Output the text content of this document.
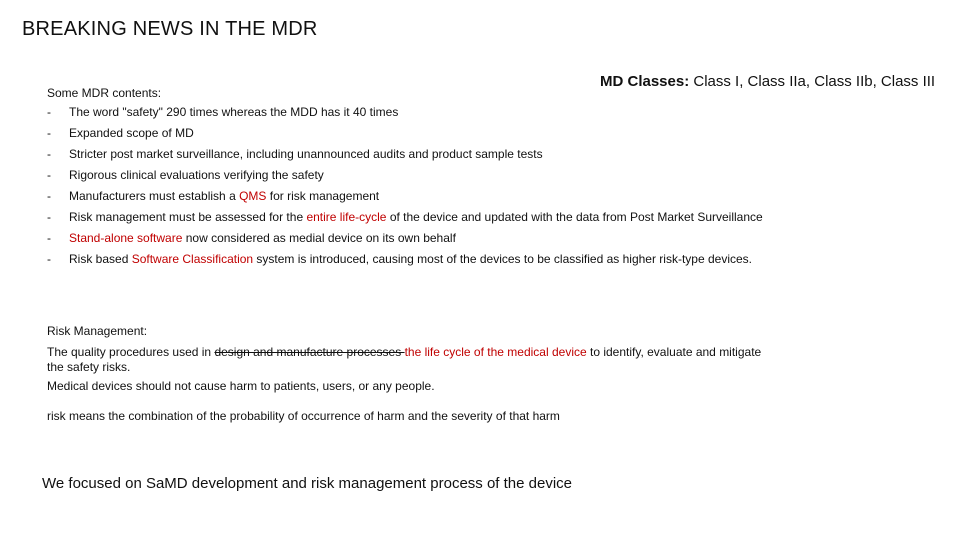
BREAKING NEWS IN THE MDR
MD Classes: Class I, Class IIa, Class IIb, Class III
Some MDR contents:
- The word "safety" 290 times whereas the MDD has it 40 times
- Expanded scope of MD
- Stricter post market surveillance, including unannounced audits and product sample tests
- Rigorous clinical evaluations verifying the safety
- Manufacturers must establish a QMS for risk management
- Risk management must be assessed for the entire life-cycle of the device and updated with the data from Post Market Surveillance
- Stand-alone software now considered as medial device on its own behalf
- Risk based Software Classification system is introduced, causing most of the devices to be classified as higher risk-type devices.

Risk Management:

The quality procedures used in design and manufacture processes the life cycle of the medical device to identify, evaluate and mitigate the safety risks.

Medical devices should not cause harm to patients, users, or any people.

risk means the combination of the probability of occurrence of harm and the severity of that harm
We focused on SaMD development and risk management process of the device
